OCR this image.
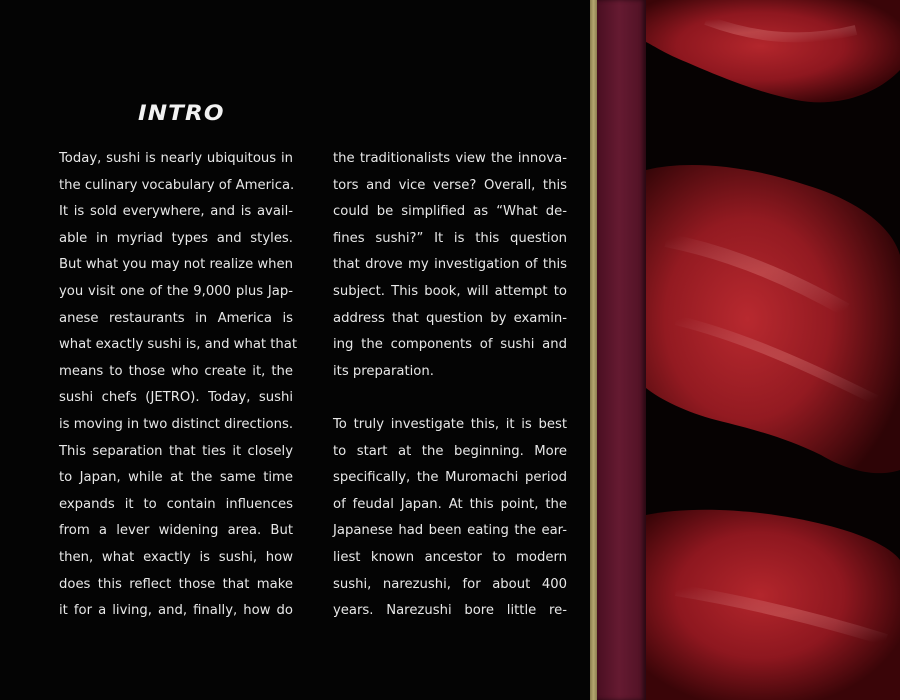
INTRO
Today, sushi is nearly ubiquitous in
the culinary vocabulary of America.
It is sold everywhere, and is avail-
able in myriad types and styles.
But what you may not realize when
you visit one of the 9,000 plus Jap-
anese restaurants in America is
what exactly sushi is, and what that
means to those who create it, the
sushi chefs (JETRO). Today, sushi
is moving in two distinct directions.
This separation that ties it closely
to Japan, while at the same time
expands it to contain influences
from a lever widening area. But
then, what exactly is sushi, how
does this reflect those that make
it for a living, and, finally, how do
the traditionalists view the innova-
tors and vice verse? Overall, this
could be simplified as “What de-
fines sushi?” It is this question
that drove my investigation of this
subject. This book, will attempt to
address that question by examin-
ing the components of sushi and
its preparation.
To truly investigate this, it is best
to start at the beginning. More
specifically, the Muromachi period
of feudal Japan. At this point, the
Japanese had been eating the ear-
liest known ancestor to modern
sushi, narezushi, for about 400
years. Narezushi bore little re-
